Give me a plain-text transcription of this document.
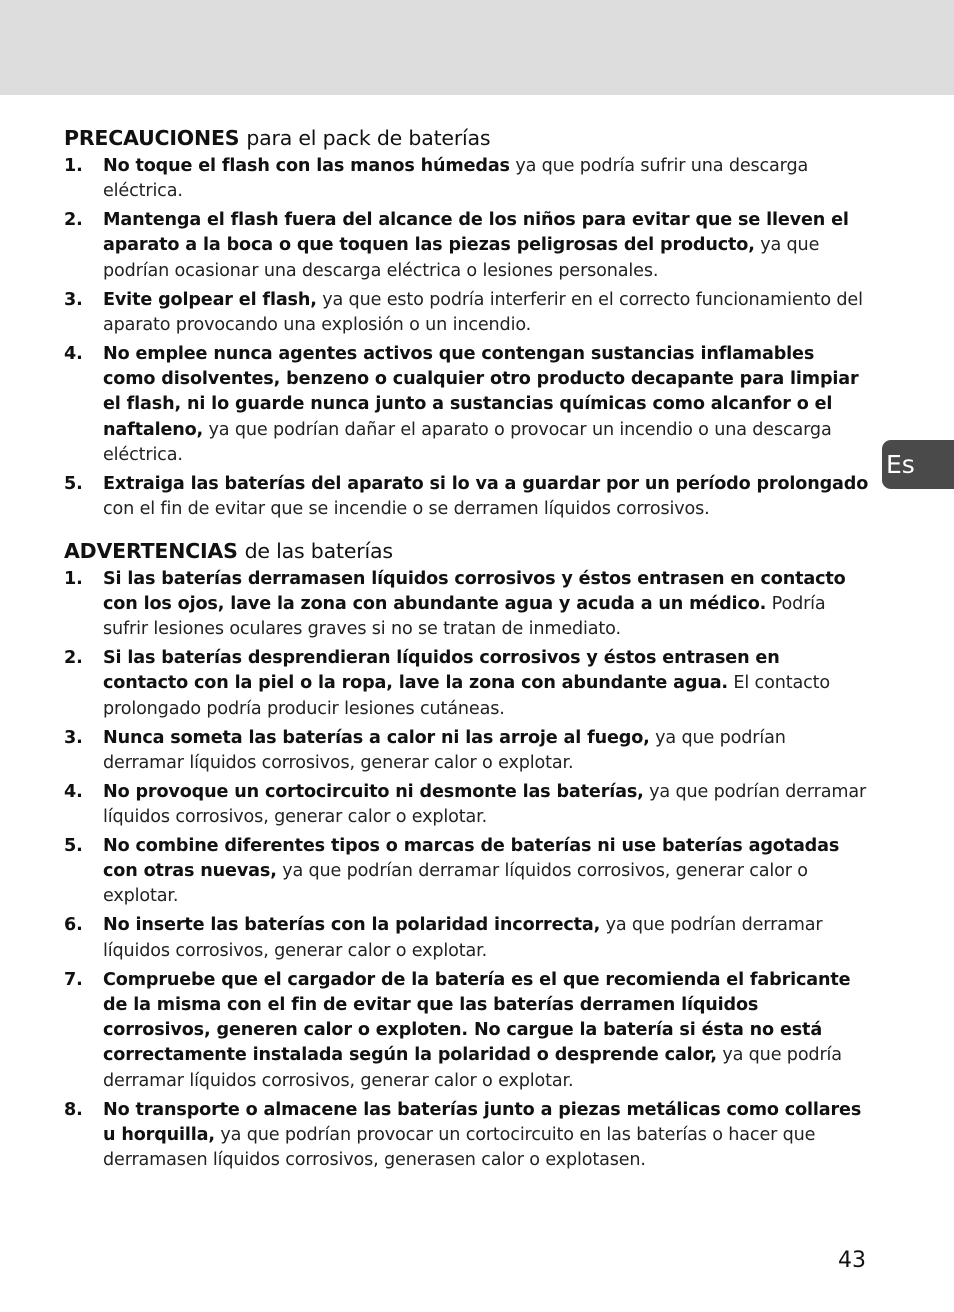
Es
PRECAUCIONES para el pack de baterías
1. No toque el flash con las manos húmedas ya que podría sufrir una descarga eléctrica.
2. Mantenga el flash fuera del alcance de los niños para evitar que se lleven el aparato a la boca o que toquen las piezas peligrosas del producto, ya que podrían ocasionar una descarga eléctrica o lesiones personales.
3. Evite golpear el flash, ya que esto podría interferir en el correcto funcionamiento del aparato provocando una explosión o un incendio.
4. No emplee nunca agentes activos que contengan sustancias inflamables como disolventes, benzeno o cualquier otro producto decapante para limpiar el flash, ni lo guarde nunca junto a sustancias químicas como alcanfor o el naftaleno, ya que podrían dañar el aparato o provocar un incendio o una descarga eléctrica.
5. Extraiga las baterías del aparato si lo va a guardar por un período prolongado con el fin de evitar que se incendie o se derramen líquidos corrosivos.
ADVERTENCIAS de las baterías
1. Si las baterías derramasen líquidos corrosivos y éstos entrasen en contacto con los ojos, lave la zona con abundante agua y acuda a un médico. Podría sufrir lesiones oculares graves si no se tratan de inmediato.
2. Si las baterías desprendieran líquidos corrosivos y éstos entrasen en contacto con la piel o la ropa, lave la zona con abundante agua. El contacto prolongado podría producir lesiones cutáneas.
3. Nunca someta las baterías a calor ni las arroje al fuego, ya que podrían derramar líquidos corrosivos, generar calor o explotar.
4. No provoque un cortocircuito ni desmonte las baterías, ya que podrían derramar líquidos corrosivos, generar calor o explotar.
5. No combine diferentes tipos o marcas de baterías ni use baterías agotadas con otras nuevas, ya que podrían derramar líquidos corrosivos, generar calor o explotar.
6. No inserte las baterías con la polaridad incorrecta, ya que podrían derramar líquidos corrosivos, generar calor o explotar.
7. Compruebe que el cargador de la batería es el que recomienda el fabricante de la misma con el fin de evitar que las baterías derramen líquidos corrosivos, generen calor o exploten. No cargue la batería si ésta no está correctamente instalada según la polaridad o desprende calor, ya que podría derramar líquidos corrosivos, generar calor o explotar.
8. No transporte o almacene las baterías junto a piezas metálicas como collares u horquilla, ya que podrían provocar un cortocircuito en las baterías o hacer que derramasen líquidos corrosivos, generasen calor o explotasen.
43
